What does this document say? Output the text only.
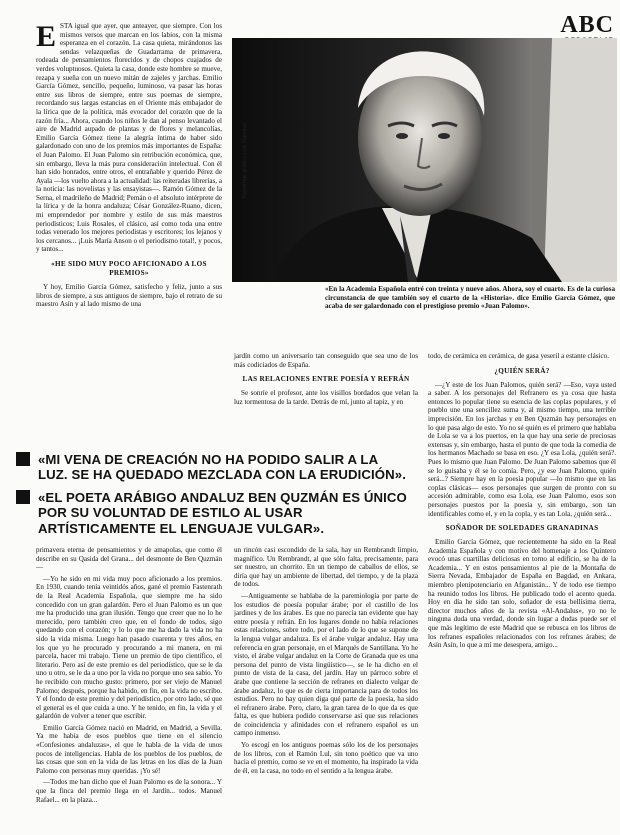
ABC

ESTA igual que ayer, que anteayer, que siempre. Con los mismos versos que marcan en los labios, con la misma esperanza en el corazón. La casa quieta, mirándonos las sendas velazqueñas de Guadarrama de primavera, rodeada de pensamientos florecidos y de chopos cuajados de verdes voluptuosos. Quieta la casa, donde este hombre se mueve, rezapa y sueña con un nuevo mitán de zajeles y jarchas. Emilio García Gómez, sencillo, pequeño, luminoso, va pasar las horas entre sus libros de siempre, entre sus poemas de siempre, recordando sus largas estancias en el Oriente más embajador de la lírica que de la política, más evocador del corazón que de la razón fría... Ahora, cuando los niños le dan al penso levantado el aire de Madrid aupado de plantas y de flores y melancolías, Emilio García Gómez tiene la alegría íntima de haber sido galardonado con uno de los premios más importantes de España: el Juan Palomo. El Juan Palomo sin retribución económica, que, sin embargo, lleva la más pura consideración intelectual. Con él han sido honrados, entre otros, el entrañable y querido Pérez de Ayala —los vuelto ahora a la actualidad: las reiteradas librerías, a la noticia: las novelistas y las ensayistas—. Ramón Gómez de la Serna, el madrileño de Madrid; Pemán o el absoluto intérprete de la lírica y de la honra andaluza; César González-Ruano, dicen, mi emprendedor por nombre y estilo de sus más maestros periodísticos; Luis Rosales, el clásico, así como toda una entre todas venerado los mejores periodistas y escritores; los lejanos y los cercanos... ¡Luis María Anson o el periodismo total!, y pocos, y tantos...

«HE SIDO MUY POCO AFICIONADO A LOS PREMIOS»

Y hoy, Emilio García Gómez, satisfecho y feliz, junto a sus libros de siempre, a sus antiguos de siempre, bajo el retrato de su maestro Asín y al lado mismo de una

Reportaje gráfico Luis Ramírez
«En la Academia Española entré con treinta y nueve años. Ahora, soy el cuarto. Es de la curiosa circunstancia de que también soy el cuarto de la «Historia». dice Emilio García Gómez, que acaba de ser galardonado con el prestigioso premio «Juan Palomo».

jardín como un aniversario tan conseguido que sea uno de los más codiciados de España.

LAS RELACIONES ENTRE POESÍA Y REFRÁN

Se sonríe el profesor, ante los visillos bordados que velan la luz tormentosa de la tarde. Detrás de mí, junto al tapiz, y en

todo, de cerámica en cerámica, de gasa yeseril a estante clásico.

¿QUIÉN SERÁ?

—¿Y este de los Juan Palomos, quién será? —Eso, vaya usted a saber. A los personajes del Refranero es ya cosa que hasta entonces lo popular tiene su esencia de las coplas populares, y el pueblo une una sencillez suma y, al mismo tiempo, una terrible imprecisión. En los jarchas y en Ben Quzmán hay personajes en lo que pasa algo de esto. Yo no sé quién es el primero que hablaba de Lola se va a los puertos, en la que hay una serie de preciosas extensas y, sin embargo, hasta el punto de que toda la comedia de los hermanos Machado se basa en eso. ¿Y esa Lola, ¿quién será?. Pues lo mismo que Juan Palomo. De Juan Palomo sabemos que él se lo guisaba y él se lo comía. Pero, ¿y ese Juan Palomo, quién será...? Siempre hay en la poesía popular —lo mismo que en las coplas clásicas— esos personajes que surgen de pronto con su accesión admirable, como esa Lola, ese Juan Palomo, esos son personajes puestos por la poesía y, sin embargo, son tan identificables como el, y en la copla, y es tan Lola, ¿quién será...

SOÑADOR DE SOLEDADES GRANADINAS

Emilio García Gómez, que recientemente ha sido en la Real Academia Española y con motivo del homenaje a los Quintero evocó unas cuartillas deliciosas en torno al edificio, se ha de la Academia... Y en estos pensamientos al pie de la Montaña de Sierra Nevada, Embajador de España en Bagdad, en Ankara, miembro plenipotenciario en Afganistán... Y de todo ese tiempo ha reunido todos los libros. He publicado todo el acento queda. Hoy en día he sido tan solo, soñador de esta bellísima tierra, director muchos años de la revista «Al-Andalus», yo no le ninguna duda una verdad, donde sin lugar a dudas puede ser el que más legítimo de este Madrid que se rebusca en los libros de los refranes españoles relacionados con los refranes árabes; de Asín Asín, lo que a mí me desespera, amigo...

«MI VENA DE CREACIÓN NO HA PODIDO SALIR A LA LUZ. SE HA QUEDADO MEZCLADA CON LA ERUDICIÓN».
«EL POETA ARÁBIGO ANDALUZ BEN QUZMÁN ES ÚNICO POR SU VOLUNTAD DE ESTILO AL USAR ARTÍSTICAMENTE EL LENGUAJE VULGAR».

primavera eterna de pensamientos y de amapolas, que como él describe en su Qasida del Grana... del desmonte de Ben Quzmán—

—Yo he sido en mi vida muy poco aficionado a los premios. En 1930, cuando tenía veintidós años, gané el premio Fastenrath de la Real Academia Española, que siempre me ha sido concedido con un gran galardón. Pero el Juan Palomo es un que me ha producido una gran ilusión. Tengo que creer que no lo he merecido, pero también creo que, en el fondo de todos, sigo quedando con el corazón; y lo lo que me ha dado la vida no ha sido la vida misma. Luego han pasado cuarenta y tres años, en los que yo he procurado y procurando a mi manera, en mi parcela, hacer mi trabajo. Tiene un premio de tipo científico, el literario. Pero así de este premio es del periodístico, que se le da uno u otro, se le da a uno por la vida no porque uno sea sabio. Yo he recibido con mucho gusto: primero, por ser viejo de Manuel Palomo; después, porque ha habido, en fin, en la vida no escribo. Y el fondo de este premio y del periodístico, por otro lado, sé que el general es el que cuida a uno. Y he tenido, en fin, la vida y el galardón de volver a tener que escribir.

Emilio García Gómez nació en Madrid, en Madrid, a Sevilla. Ya me había de esos pueblos que tiene en el silencio «Confesiones andaluzas», el que le habla de la vida de unos pocos de inteligencias. Habla de los pueblos de los pueblos, de las cosas que son en la vida de las letras en los días de la Juan Palomo con personas muy queridas. ¡Yo sé!

—Todos me han dicho que el Juan Palomo es de la sonora... Y que la finca del premio llega en el Jardín... todos. Manuel Rafael... en la plaza...

un rincón casi escondido de la sala, hay un Rembrandt limpio, magnífico. Un Rembrandt, al que sólo falta, precisamente, para ser nuestro, un chorrito. En un tiempo de caballos de ellos, se diría que hay un ambiente de libertad, del tiempo, y de la plaza de todos.

—Antiguamente se hablaba de la paremiología por parte de los estudios de poesía popular árabe; por el castillo de los jardines y de los árabes. Es que no parecía tan evidente que hay entre poesía y refrán. En los lugares donde no había relaciones estas relaciones, sobre todo, por el lado de lo que se supone de la lengua vulgar andaluza. Es el árabe vulgar andaluz. Hay una referencia en gran personaje, en el Marqués de Santillana. Yo he visto, el árabe vulgar andaluz en la Corte de Granada que es una persona del punto de vista lingüístico—, se le ha dicho en el punto de vista de la casa, del jardín. Hay un párroco sobre el árabe que contiene la sección de refranes en dialecto vulgar de árabe andaluz, lo que es de cierta importancia para de todos los estudios. Pero no hay quien diga qué parte de la poesía, ha sido el refranero árabe. Pero, claro, la gran tarea de lo que da es que falta, es que hubiera podido conservarse así que sus relaciones de coincidencia y afinidades con el refranero español es un campo inmenso.

Yo escogí en los antiguos poemas sólo los de los personajes de los libros, con el Ramón Lul, sin tono poético que va uno hacia el premio, como se ve en el momento, ha inspirado la vida de él, en la casa, no todo en el sentido a la lengua árabe.
